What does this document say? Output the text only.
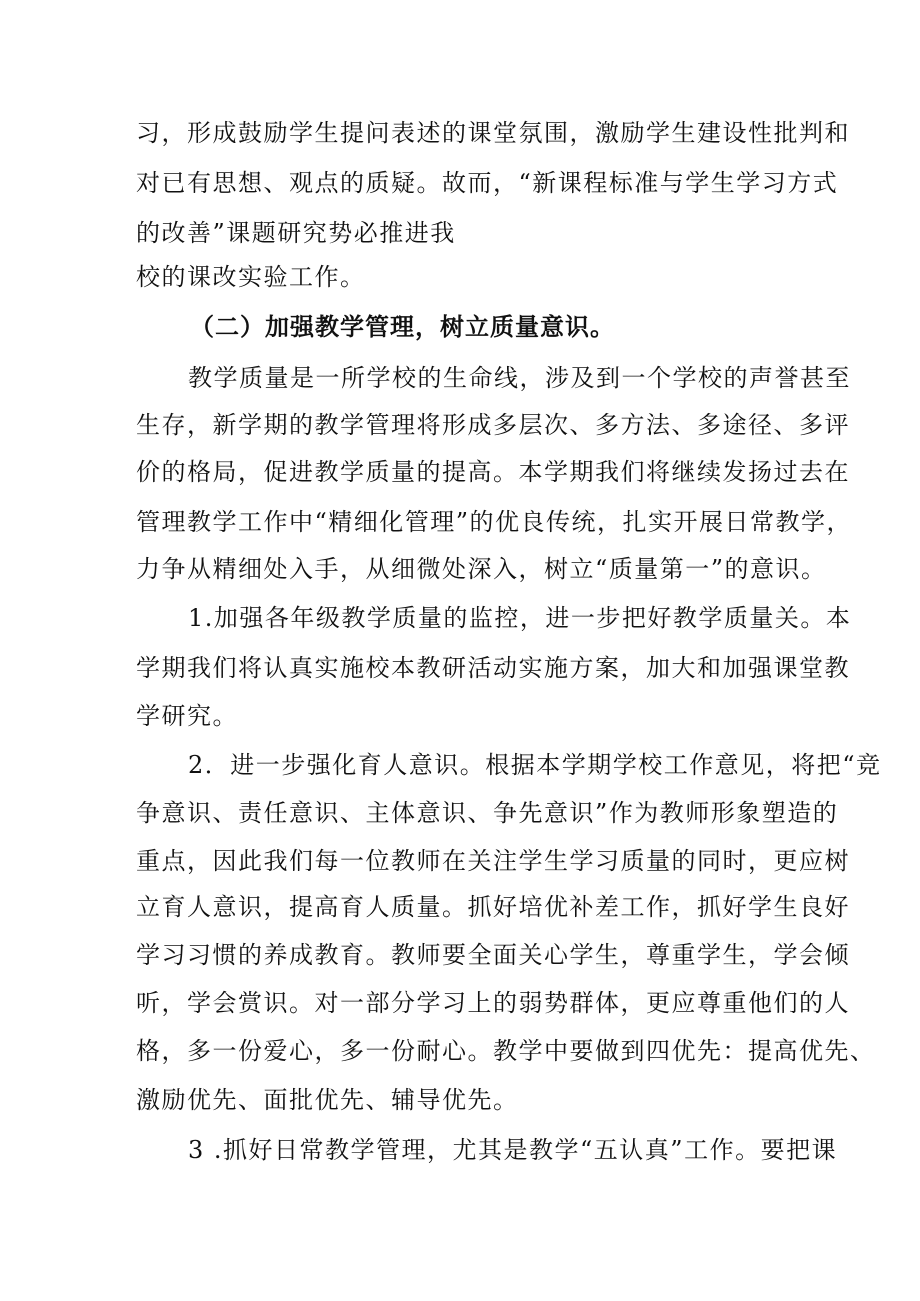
习，形成鼓励学生提问表述的课堂氛围，激励学生建设性批判和
对已有思想、观点的质疑。故而，“新课程标准与学生学习方式
的改善”课题研究势必推进我
校的课改实验工作。
（二）加强教学管理，树立质量意识。
教学质量是一所学校的生命线，涉及到一个学校的声誉甚至
生存，新学期的教学管理将形成多层次、多方法、多途径、多评
价的格局，促进教学质量的提高。本学期我们将继续发扬过去在
管理教学工作中“精细化管理”的优良传统，扎实开展日常教学，
力争从精细处入手，从细微处深入，树立“质量第一”的意识。
1.加强各年级教学质量的监控，进一步把好教学质量关。本
学期我们将认真实施校本教研活动实施方案，加大和加强课堂教
学研究。
2．进一步强化育人意识。根据本学期学校工作意见，将把“竞
争意识、责任意识、主体意识、争先意识”作为教师形象塑造的
重点，因此我们每一位教师在关注学生学习质量的同时，更应树
立育人意识，提高育人质量。抓好培优补差工作，抓好学生良好
学习习惯的养成教育。教师要全面关心学生，尊重学生，学会倾
听，学会赏识。对一部分学习上的弱势群体，更应尊重他们的人
格，多一份爱心，多一份耐心。教学中要做到四优先：提高优先、
激励优先、面批优先、辅导优先。
3 .抓好日常教学管理，尤其是教学“五认真”工作。要把课
